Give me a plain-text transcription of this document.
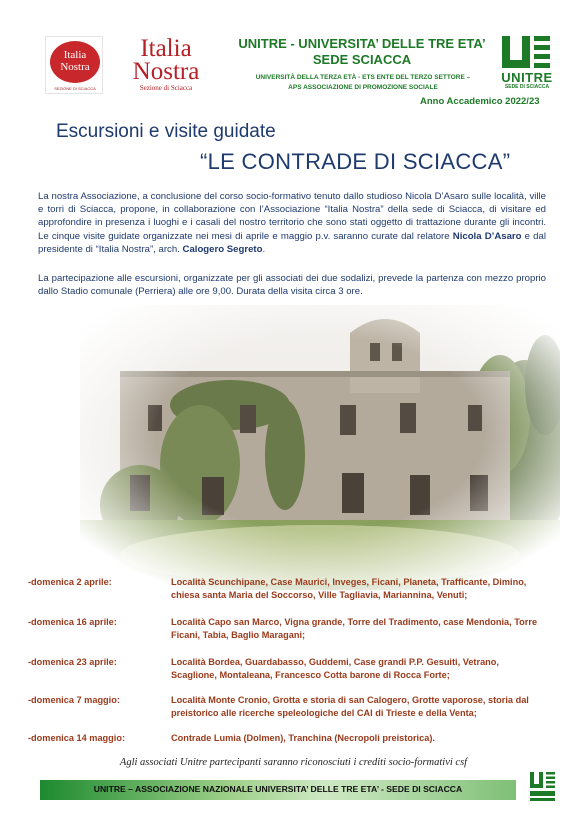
Italia
Nostra
SEZIONE DI SCIACCA
Italia
Nostra
Sezione di Sciacca
UNITRE - UNIVERSITA’ DELLE TRE ETA’
SEDE SCIACCA
UNIVERSITÀ DELLA TERZA ETÀ - ETS ENTE DEL TERZO SETTORE –
APS ASSOCIAZIONE DI PROMOZIONE SOCIALE
Anno Accademico 2022/23
UNITRE
SEDE DI SCIACCA
Escursioni e visite guidate
“LE CONTRADE DI SCIACCA”

La nostra Associazione, a conclusione del corso socio-formativo tenuto dallo studioso Nicola D’Asaro sulle località, ville e torri di Sciacca, propone, in collaborazione con l’Associazione “Italia Nostra” della sede di Sciacca, di visitare ed approfondire in presenza i luoghi e i casali del nostro territorio che sono stati oggetto di trattazione durante gli incontri. Le cinque visite guidate organizzate nei mesi di aprile e maggio p.v. saranno curate dal relatore Nicola D’Asaro e dal presidente di “Italia Nostra”, arch. Calogero Segreto.

La partecipazione alle escursioni, organizzate per gli associati dei due sodalizi, prevede la partenza con mezzo proprio dallo Stadio comunale (Perriera) alle ore 9,00. Durata della visita circa 3 ore.

-domenica 2 aprile:	Località Scunchipane, Case Maurici, Inveges, Ficani, Planeta, Trafficante, Dimino, chiesa santa Maria del Soccorso, Ville Tagliavia, Mariannina, Venuti;
-domenica 16 aprile:	Località Capo san Marco, Vigna grande, Torre del Tradimento, case Mendonia, Torre Ficani, Tabia, Baglio Maragani;
-domenica 23 aprile:	Località Bordea, Guardabasso, Guddemi, Case grandi P.P. Gesuiti, Vetrano, Scaglione, Montaleana, Francesco Cotta barone di Rocca Forte;
-domenica 7 maggio:	Località Monte Cronio, Grotta e storia di san Calogero, Grotte vaporose, storia dal preistorico alle ricerche speleologiche del CAI di Trieste e della Venta;
-domenica 14 maggio:	Contrade Lumia (Dolmen), Tranchina (Necropoli preistorica).
Agli associati Unitre partecipanti saranno riconosciuti i crediti socio-formativi csf
UNITRE – ASSOCIAZIONE NAZIONALE UNIVERSITA’ DELLE TRE ETA’ - SEDE DI SCIACCA
